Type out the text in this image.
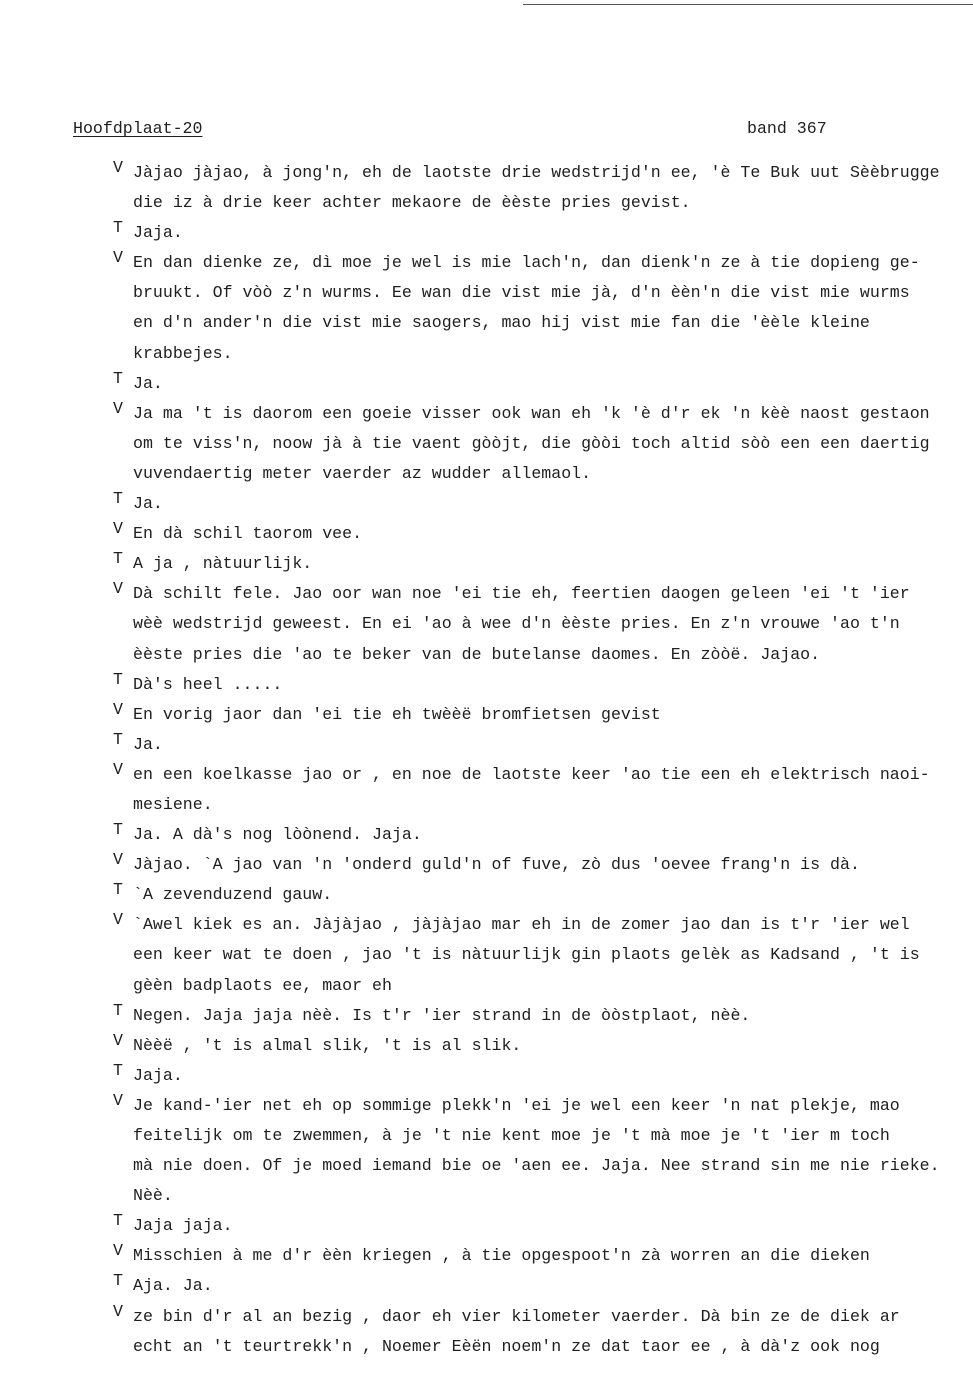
Hoofdplaat-20	band 367
V Jàjao jàjao, à jong'n, eh de laotste drie wedstrijd'n ee, 'è Te Buk uut Sèèbrugge
die iz à drie keer achter mekaore de èèste pries gevist.
T Jaja.
V En dan dienke ze, dì moe je wel is mie lach'n, dan dienk'n ze à tie dopieng ge-
bruukt. Of vòò z'n wurms. Ee wan die vist mie jà, d'n èèn'n die vist mie wurms
en d'n ander'n die vist mie saogers, mao hij vist mie fan die 'èèle kleine
krabbejes.
T Ja.
V Ja ma 't is daorom een goeie visser ook wan eh 'k 'è d'r ek 'n kèè naost gestaon
om te viss'n, noow jà à tie vaent gòòjt, die gòòi toch altid sòò een een daertig
vuvendaertig meter vaerder az wudder allemaol.
T Ja.
V En dà schil taorom vee.
T A ja , nàtuurlijk.
V Dà schilt fele. Jao oor wan noe 'ei tie eh, feertien daogen geleen 'ei 't 'ier
wèè wedstrijd geweest. En ei 'ao à wee d'n èèste pries. En z'n vrouwe 'ao t'n
èèste pries die 'ao te beker van de butelanse daomes. En zòòë. Jajao.
T Dà's heel .....
V En vorig jaor dan 'ei tie eh twèèë bromfietsen gevist
T Ja.
V en een koelkasse jao or , en noe de laotste keer 'ao tie een eh elektrisch naoi-
mesiene.
T Ja. A dà's nog lòònend. Jaja.
V Jàjao. `A jao van 'n 'onderd guld'n of fuve, zò dus 'oevee frang'n is dà.
T `A zevenduzend gauw.
V `Awel kiek es an. Jàjàjao , jàjàjao mar eh in de zomer jao dan is t'r 'ier wel
een keer wat te doen , jao 't is nàtuurlijk gin plaots gelèk as Kadsand , 't is
gèèn badplaots ee, maor eh
T Negen. Jaja jaja nèè. Is t'r 'ier strand in de òòstplaot, nèè.
V Nèèë , 't is almal slik, 't is al slik.
T Jaja.
V Je kand-'ier net eh op sommige plekk'n 'ei je wel een keer 'n nat plekje, mao
feitelijk om te zwemmen, à je 't nie kent moe je 't mà moe je 't 'ier m toch
mà nie doen. Of je moed iemand bie oe 'aen ee. Jaja. Nee strand sin me nie rieke.
Nèè.
T Jaja jaja.
V Misschien à me d'r èèn kriegen , à tie opgespoot'n zà worren an die dieken
T Aja. Ja.
V ze bin d'r al an bezig , daor eh vier kilometer vaerder. Dà bin ze de diek ar
echt an 't teurtrekk'n , Noemer Eèën noem'n ze dat taor ee , à dà'z ook nog
